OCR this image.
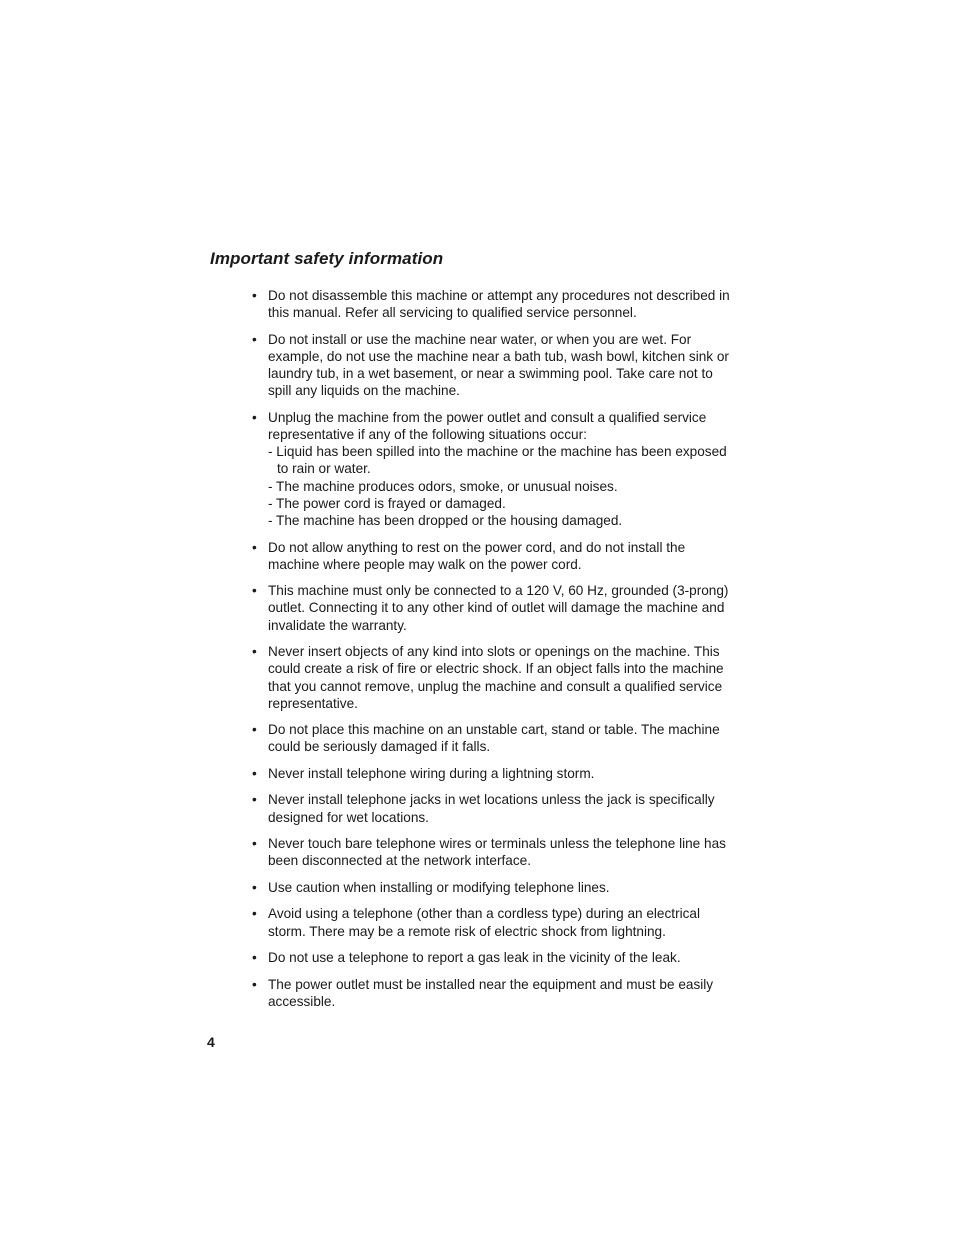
Important safety information
• Do not disassemble this machine or attempt any procedures not described in this manual. Refer all servicing to qualified service personnel.
• Do not install or use the machine near water, or when you are wet. For example, do not use the machine near a bath tub, wash bowl, kitchen sink or laundry tub, in a wet basement, or near a swimming pool. Take care not to spill any liquids on the machine.
• Unplug the machine from the power outlet and consult a qualified service representative if any of the following situations occur:
- Liquid has been spilled into the machine or the machine has been exposed to rain or water.
- The machine produces odors, smoke, or unusual noises.
- The power cord is frayed or damaged.
- The machine has been dropped or the housing damaged.
• Do not allow anything to rest on the power cord, and do not install the machine where people may walk on the power cord.
• This machine must only be connected to a 120 V, 60 Hz, grounded (3-prong) outlet. Connecting it to any other kind of outlet will damage the machine and invalidate the warranty.
• Never insert objects of any kind into slots or openings on the machine. This could create a risk of fire or electric shock. If an object falls into the machine that you cannot remove, unplug the machine and consult a qualified service representative.
• Do not place this machine on an unstable cart, stand or table. The machine could be seriously damaged if it falls.
• Never install telephone wiring during a lightning storm.
• Never install telephone jacks in wet locations unless the jack is specifically designed for wet locations.
• Never touch bare telephone wires or terminals unless the telephone line has been disconnected at the network interface.
• Use caution when installing or modifying telephone lines.
• Avoid using a telephone (other than a cordless type) during an electrical storm. There may be a remote risk of electric shock from lightning.
• Do not use a telephone to report a gas leak in the vicinity of the leak.
• The power outlet must be installed near the equipment and must be easily accessible.
4
